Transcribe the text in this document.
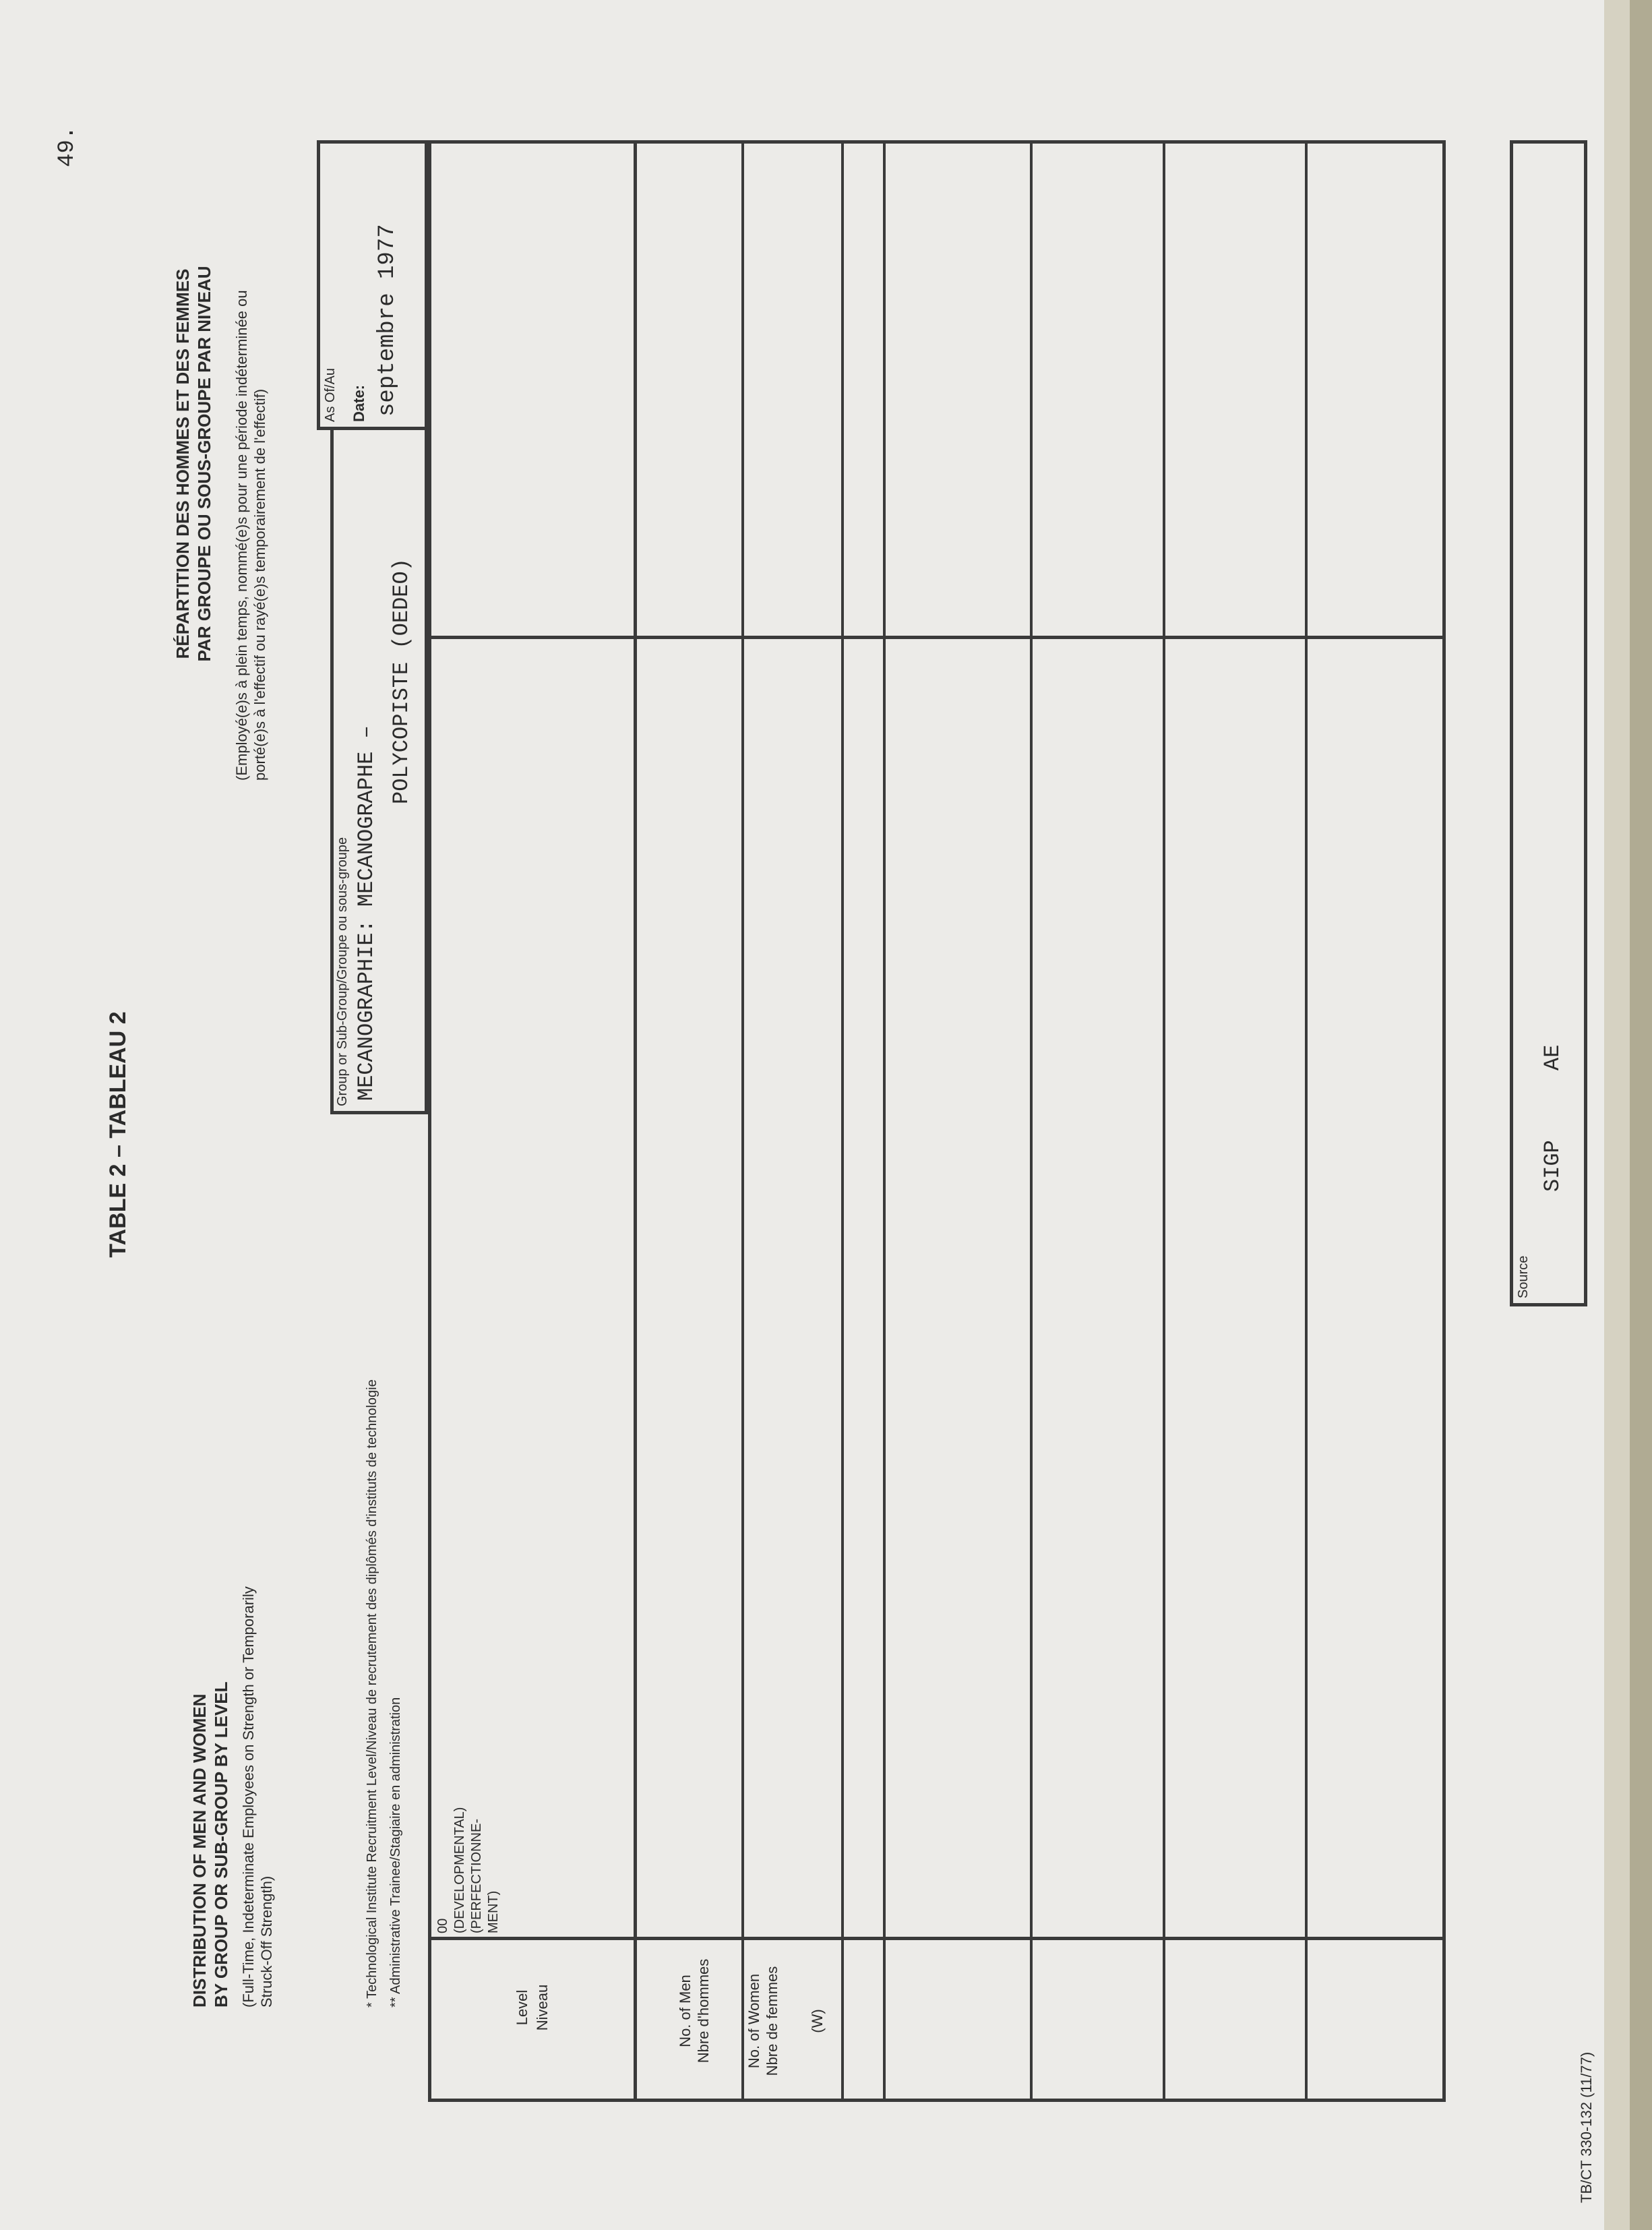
49.
TABLE 2 – TABLEAU 2
DISTRIBUTION OF MEN AND WOMEN
BY GROUP OR SUB-GROUP BY LEVEL
(Full-Time, Indeterminate Employees on Strength or Temporarily
Struck-Off Strength)
RÉPARTITION DES HOMMES ET DES FEMMES
PAR GROUPE OU SOUS-GROUPE PAR NIVEAU
(Employé(e)s à plein temps, nommé(e)s pour une période indéterminée ou
porté(e)s à l'effectif ou rayé(e)s temporairement de l'effectif)
* Technological Institute Recruitment Level/Niveau de recrutement des diplômés d'instituts de technologie ** Administrative Trainee/Stagiaire en administration
Group or Sub-Group/Groupe ou sous-groupe MECANOGRAPHIE: MECANOGRAPHE –
POLYCOPISTE (OEDEO)
As Of/Au Date: septembre 1977
Level Niveau	No. of Men Nbre d'hommes No. of Women Nbre de femmes (W)
00 (DEVELOPMENTAL)
(PERFECTIONNE-
MENT)
Source
SIGP
AE
TB/CT 330-132 (11/77)
